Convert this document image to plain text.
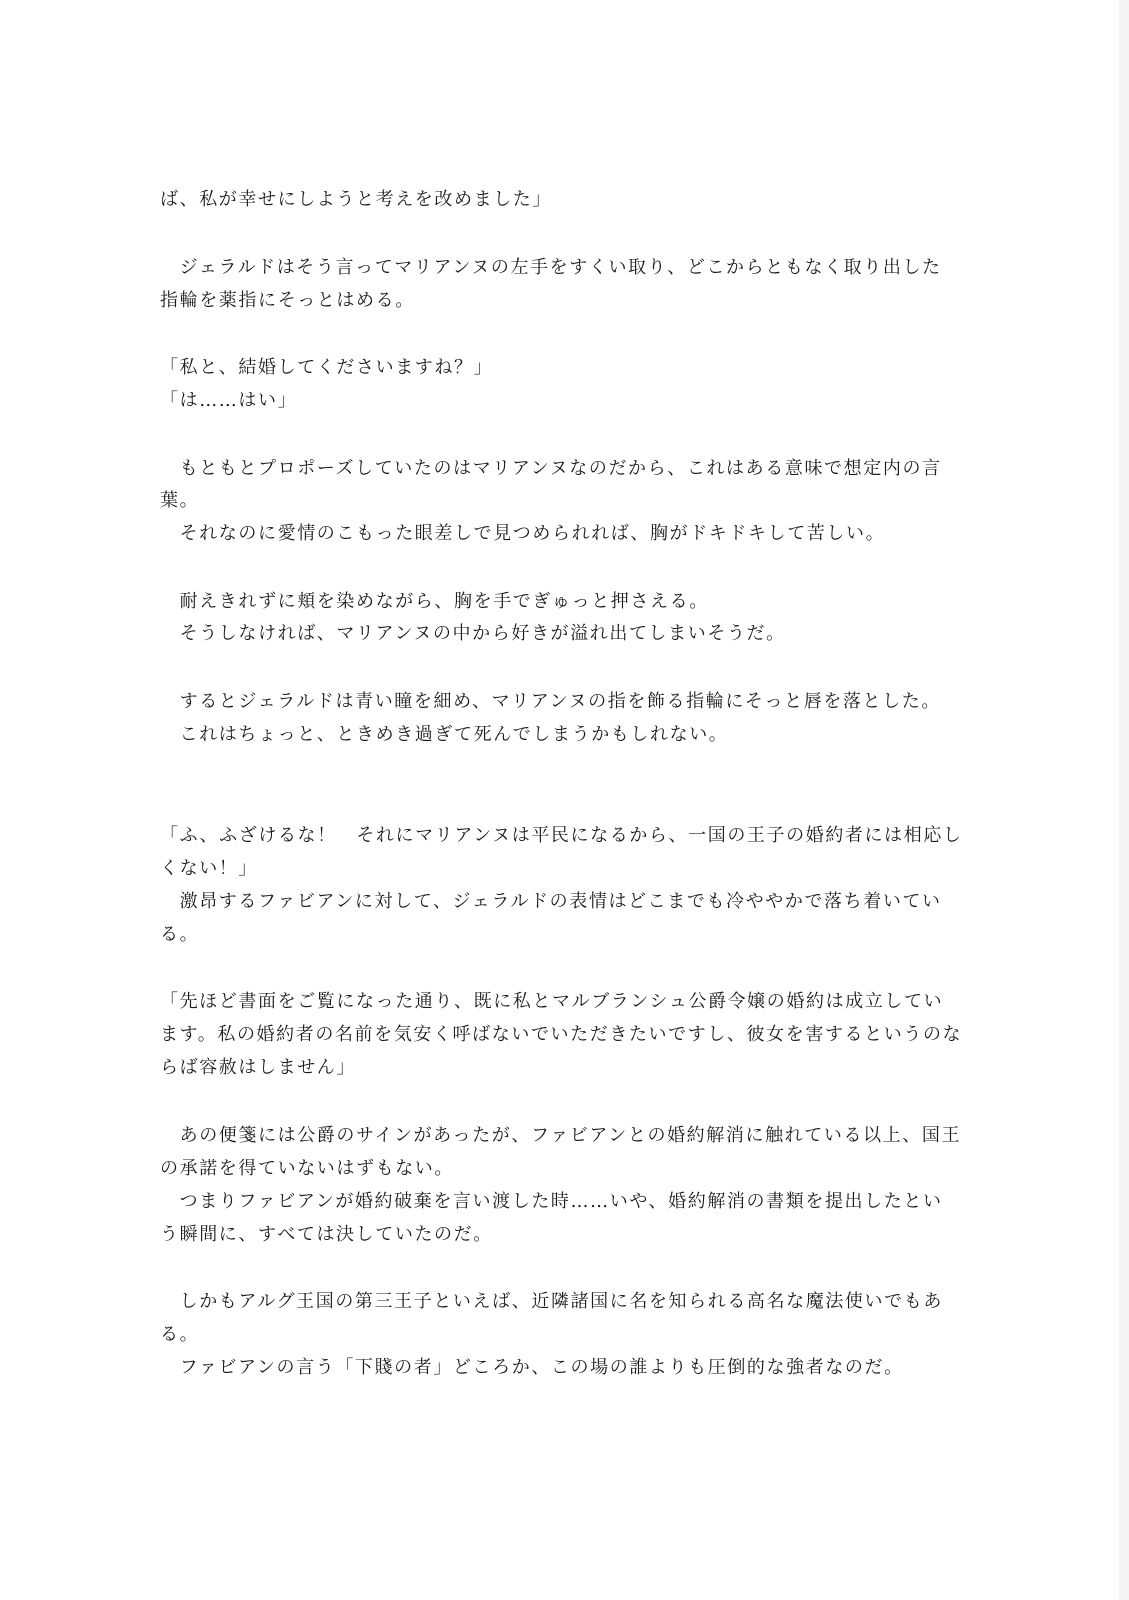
ば、私が幸せにしようと考えを改めました」

　ジェラルドはそう言ってマリアンヌの左手をすくい取り、どこからともなく取り出した

指輪を薬指にそっとはめる。

「私と、結婚してくださいますね？」

「は……はい」

　もともとプロポーズしていたのはマリアンヌなのだから、これはある意味で想定内の言

葉。

　それなのに愛情のこもった眼差しで見つめられれば、胸がドキドキして苦しい。

　耐えきれずに頬を染めながら、胸を手でぎゅっと押さえる。

　そうしなければ、マリアンヌの中から好きが溢れ出てしまいそうだ。

　するとジェラルドは青い瞳を細め、マリアンヌの指を飾る指輪にそっと唇を落とした。

　これはちょっと、ときめき過ぎて死んでしまうかもしれない。

「ふ、ふざけるな！　それにマリアンヌは平民になるから、一国の王子の婚約者には相応し

くない！」

　激昂するファビアンに対して、ジェラルドの表情はどこまでも冷ややかで落ち着いてい

る。

「先ほど書面をご覧になった通り、既に私とマルブランシュ公爵令嬢の婚約は成立してい

ます。私の婚約者の名前を気安く呼ばないでいただきたいですし、彼女を害するというのな

らば容赦はしません」

　あの便箋には公爵のサインがあったが、ファビアンとの婚約解消に触れている以上、国王

の承諾を得ていないはずもない。

　つまりファビアンが婚約破棄を言い渡した時……いや、婚約解消の書類を提出したとい

う瞬間に、すべては決していたのだ。

　しかもアルグ王国の第三王子といえば、近隣諸国に名を知られる高名な魔法使いでもあ

る。

　ファビアンの言う「下賤の者」どころか、この場の誰よりも圧倒的な強者なのだ。
